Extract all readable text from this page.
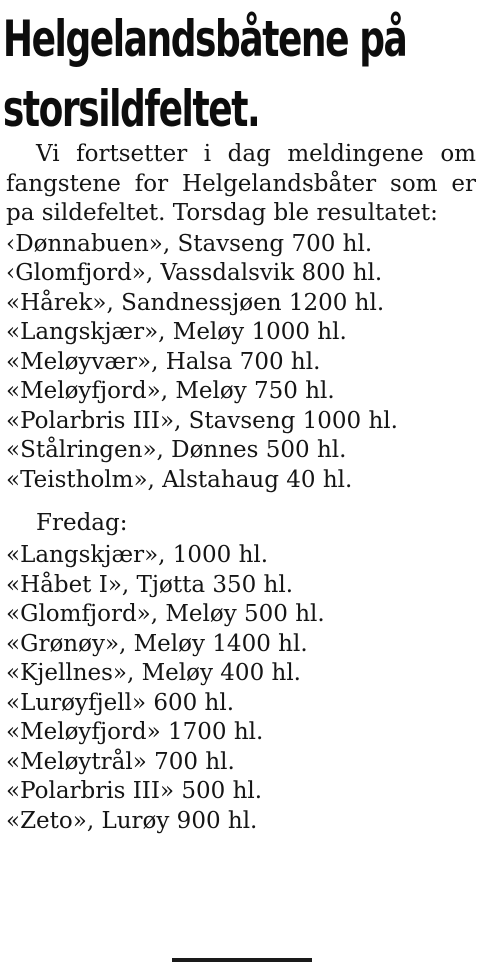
Helgelandsbåtene på
storsildfeltet.

Vi fortsetter i dag meldingene om fangstene for Helgelandsbåter som er pa sildefeltet. Torsdag ble resultatet:

‹Dønnabuen», Stavseng 700 hl.
‹Glomfjord», Vassdalsvik 800 hl.
«Hårek», Sandnessjøen 1200 hl.
«Langskjær», Meløy 1000 hl.
«Meløyvær», Halsa 700 hl.
«Meløyfjord», Meløy 750 hl.
«Polarbris III», Stavseng 1000 hl.
«Stålringen», Dønnes 500 hl.
«Teistholm», Alstahaug 40 hl.
Fredag:
«Langskjær», 1000 hl.
«Håbet I», Tjøtta 350 hl.
«Glomfjord», Meløy 500 hl.
«Grønøy», Meløy 1400 hl.
«Kjellnes», Meløy 400 hl.
«Lurøyfjell» 600 hl.
«Meløyfjord» 1700 hl.
«Meløytrål» 700 hl.
«Polarbris III» 500 hl.
«Zeto», Lurøy 900 hl.
